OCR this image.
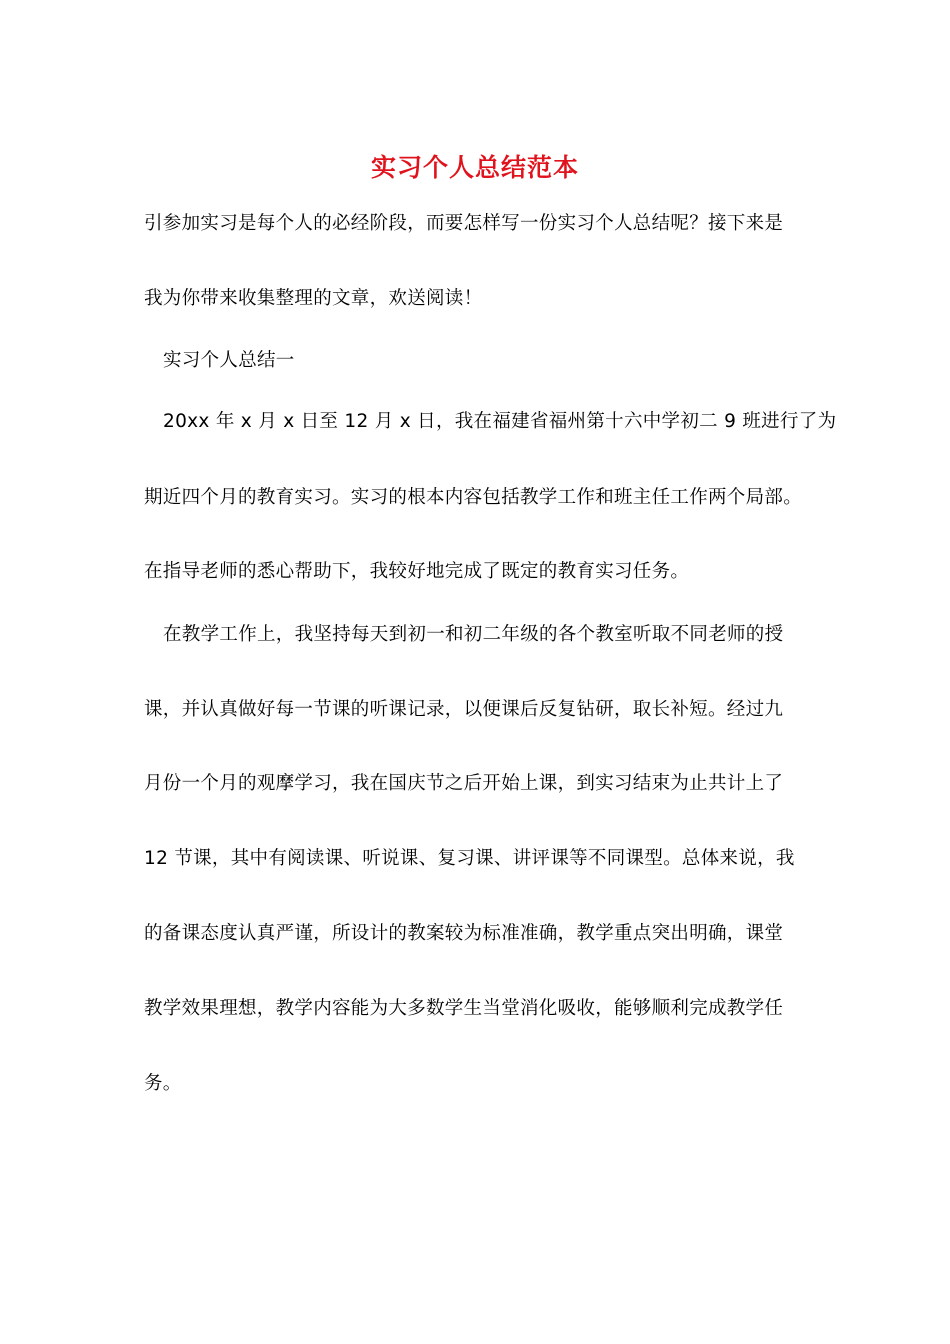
实习个人总结范本
引参加实习是每个人的必经阶段，而要怎样写一份实习个人总结呢？接下来是
我为你带来收集整理的文章，欢送阅读！
实习个人总结一
20xx 年 x 月 x 日至 12 月 x 日，我在福建省福州第十六中学初二 9 班进行了为
期近四个月的教育实习。实习的根本内容包括教学工作和班主任工作两个局部。
在指导老师的悉心帮助下，我较好地完成了既定的教育实习任务。
在教学工作上，我坚持每天到初一和初二年级的各个教室听取不同老师的授
课，并认真做好每一节课的听课记录，以便课后反复钻研，取长补短。经过九
月份一个月的观摩学习，我在国庆节之后开始上课，到实习结束为止共计上了
12 节课，其中有阅读课、听说课、复习课、讲评课等不同课型。总体来说，我
的备课态度认真严谨，所设计的教案较为标准准确，教学重点突出明确，课堂
教学效果理想，教学内容能为大多数学生当堂消化吸收，能够顺利完成教学任
务。
